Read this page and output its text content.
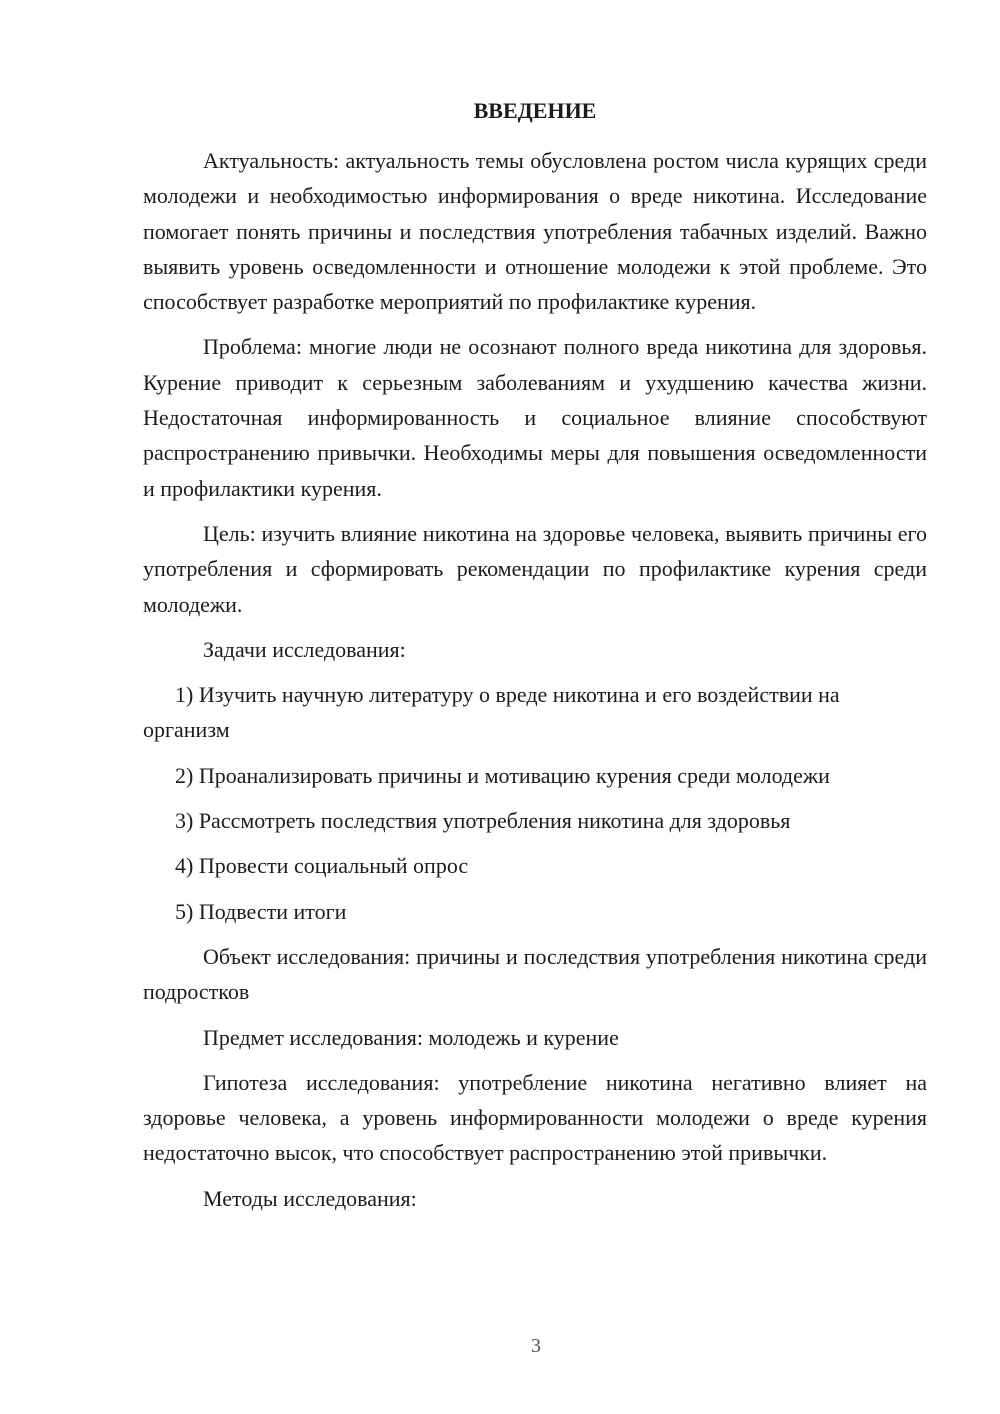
ВВЕДЕНИЕ

Актуальность: актуальность темы обусловлена ростом числа курящих среди молодежи и необходимостью информирования о вреде никотина. Исследование помогает понять причины и последствия употребления табачных изделий. Важно выявить уровень осведомленности и отношение молодежи к этой проблеме. Это способствует разработке мероприятий по профилактике курения.

Проблема: многие люди не осознают полного вреда никотина для здоровья. Курение приводит к серьезным заболеваниям и ухудшению качества жизни. Недостаточная информированность и социальное влияние способствуют распространению привычки. Необходимы меры для повышения осведомленности и профилактики курения.

Цель: изучить влияние никотина на здоровье человека, выявить причины его употребления и сформировать рекомендации по профилактике курения среди молодежи.

Задачи исследования:

1) Изучить научную литературу о вреде никотина и его воздействии на организм

2) Проанализировать причины и мотивацию курения среди молодежи

3) Рассмотреть последствия употребления никотина для здоровья

4) Провести социальный опрос

5) Подвести итоги

Объект исследования: причины и последствия употребления никотина среди подростков

Предмет исследования: молодежь и курение

Гипотеза исследования: употребление никотина негативно влияет на здоровье человека, а уровень информированности молодежи о вреде курения недостаточно высок, что способствует распространению этой привычки.

Методы исследования:

3
